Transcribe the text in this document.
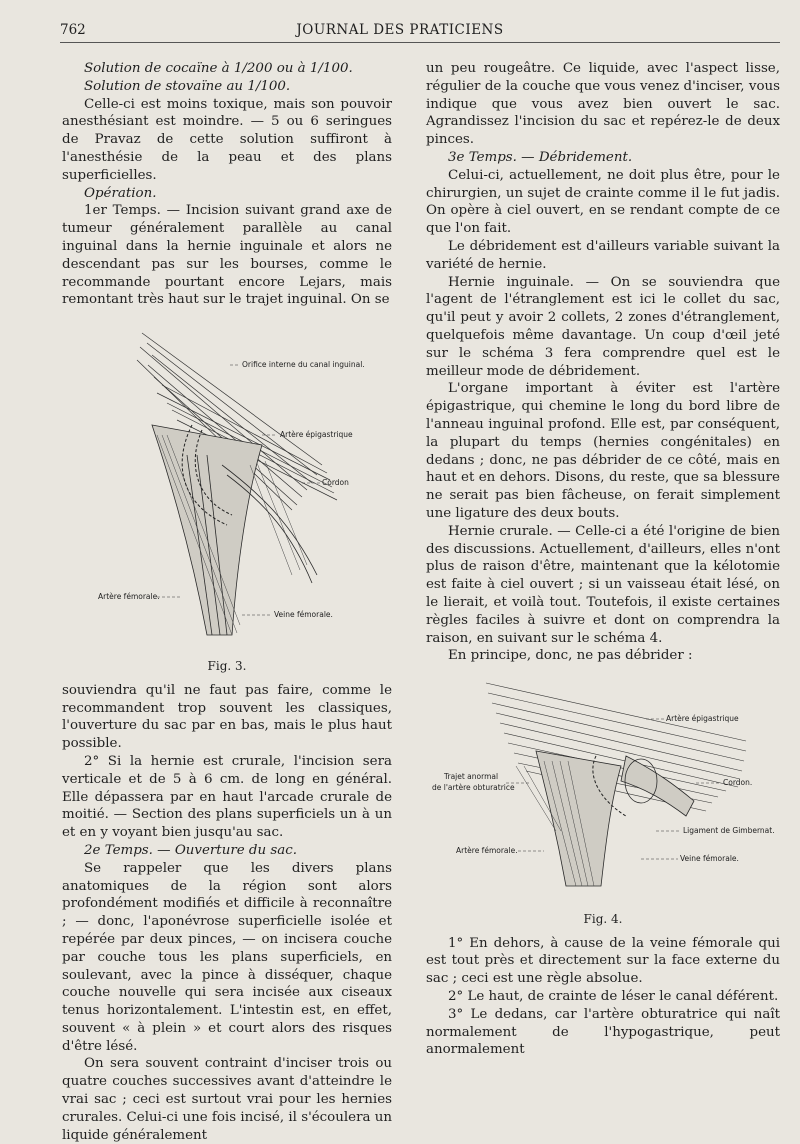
762	JOURNAL DES PRATICIENS

Solution de cocaïne à 1/200 ou à 1/100.

Solution de stovaïne au 1/100.

Celle-ci est moins toxique, mais son pouvoir anesthésiant est moindre. — 5 ou 6 seringues de Pravaz de cette solution suffiront à l'anesthésie de la peau et des plans superficielles.

Opération.

1er Temps. — Incision suivant grand axe de tumeur généralement parallèle au canal inguinal dans la hernie inguinale et alors ne descendant pas sur les bourses, comme le recommande pourtant encore Lejars, mais remontant très haut sur le trajet inguinal. On se

Orifice interne du canal inguinal.
Artère épigastrique
Cordon
Artère fémorale.
Veine fémorale.
Fig. 3.

souviendra qu'il ne faut pas faire, comme le recommandent trop souvent les classiques, l'ouverture du sac par en bas, mais le plus haut possible.

2° Si la hernie est crurale, l'incision sera verticale et de 5 à 6 cm. de long en général. Elle dépassera par en haut l'arcade crurale de moitié. — Section des plans superficiels un à un et en y voyant bien jusqu'au sac.

2e Temps. — Ouverture du sac.

Se rappeler que les divers plans anatomiques de la région sont alors profondément modifiés et difficile à reconnaître ; — donc, l'aponévrose superficielle isolée et repérée par deux pinces, — on incisera couche par couche tous les plans superficiels, en soulevant, avec la pince à disséquer, chaque couche nouvelle qui sera incisée aux ciseaux tenus horizontalement. L'intestin est, en effet, souvent « à plein » et court alors des risques d'être lésé.

On sera souvent contraint d'inciser trois ou quatre couches successives avant d'atteindre le vrai sac ; ceci est surtout vrai pour les hernies crurales. Celui-ci une fois incisé, il s'écoulera un liquide généralement

un peu rougeâtre. Ce liquide, avec l'aspect lisse, régulier de la couche que vous venez d'inciser, vous indique que vous avez bien ouvert le sac. Agrandissez l'incision du sac et repérez-le de deux pinces.

3e Temps. — Débridement.

Celui-ci, actuellement, ne doit plus être, pour le chirurgien, un sujet de crainte comme il le fut jadis. On opère à ciel ouvert, en se rendant compte de ce que l'on fait.

Le débridement est d'ailleurs variable suivant la variété de hernie.

Hernie inguinale. — On se souviendra que l'agent de l'étranglement est ici le collet du sac, qu'il peut y avoir 2 collets, 2 zones d'étranglement, quelquefois même davantage. Un coup d'œil jeté sur le schéma 3 fera comprendre quel est le meilleur mode de débridement.

L'organe important à éviter est l'artère épigastrique, qui chemine le long du bord libre de l'anneau inguinal profond. Elle est, par conséquent, la plupart du temps (hernies congénitales) en dedans ; donc, ne pas débrider de ce côté, mais en haut et en dehors. Disons, du reste, que sa blessure ne serait pas bien fâcheuse, on ferait simplement une ligature des deux bouts.

Hernie crurale. — Celle-ci a été l'origine de bien des discussions. Actuellement, d'ailleurs, elles n'ont plus de raison d'être, maintenant que la kélotomie est faite à ciel ouvert ; si un vaisseau était lésé, on le lierait, et voilà tout. Toutefois, il existe certaines règles faciles à suivre et dont on comprendra la raison, en suivant sur le schéma 4.

En principe, donc, ne pas débrider :

Artère épigastrique
Trajet anormal
de l'artère obturatrice
Cordon.
Ligament de Gimbernat.
Artère fémorale.
Veine fémorale.
Fig. 4.

1° En dehors, à cause de la veine fémorale qui est tout près et directement sur la face externe du sac ; ceci est une règle absolue.

2° Le haut, de crainte de léser le canal déférent.

3° Le dedans, car l'artère obturatrice qui naît normalement de l'hypogastrique, peut anormalement
